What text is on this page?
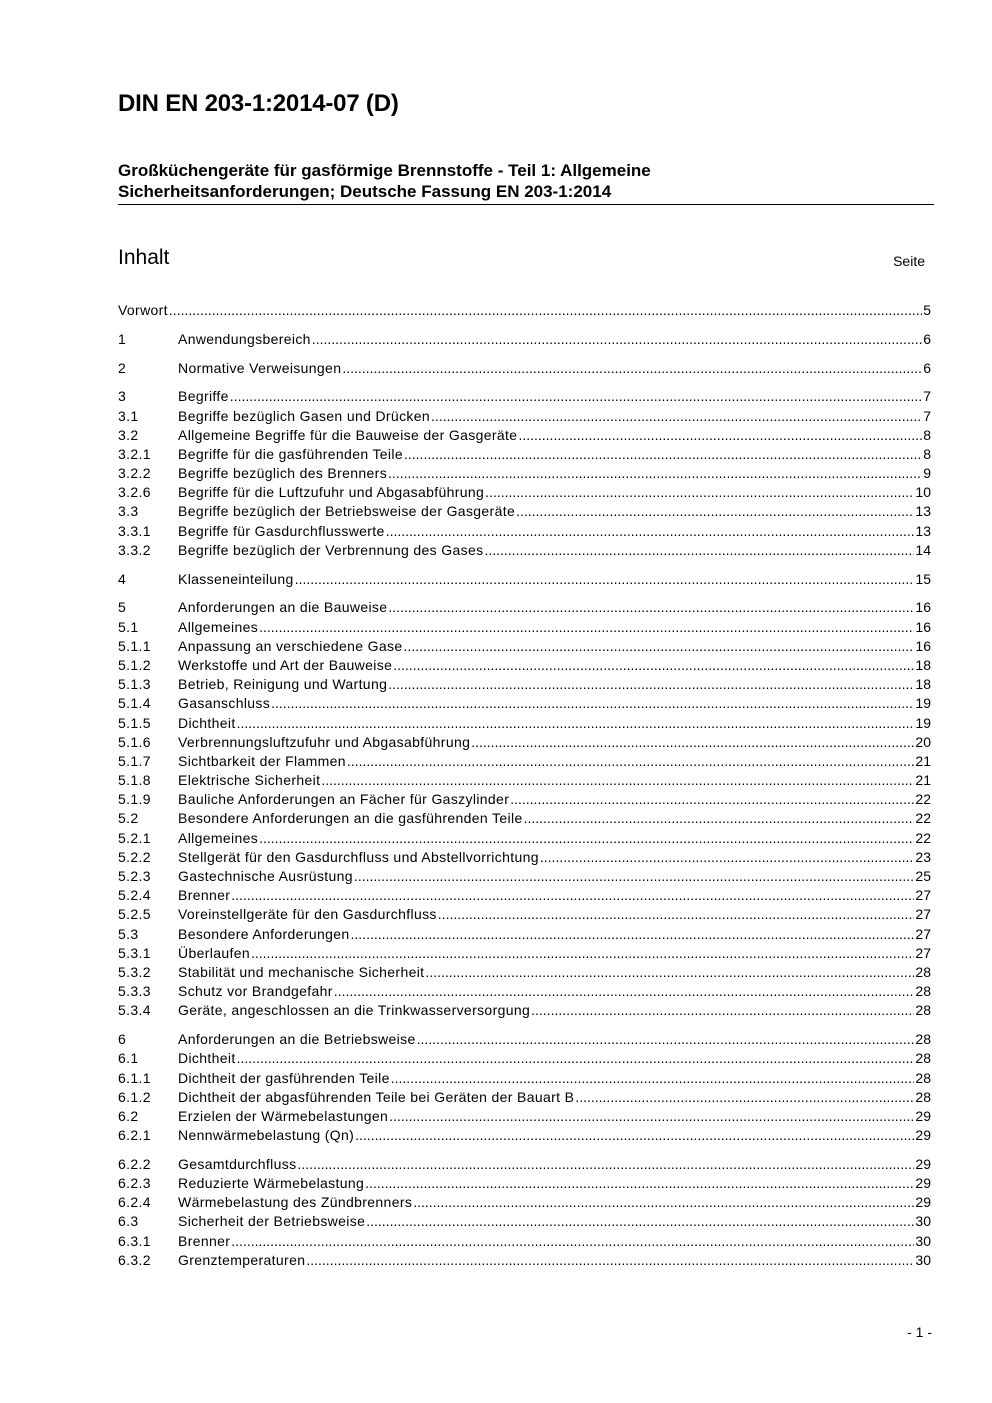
DIN EN 203-1:2014-07 (D)
Großküchengeräte für gasförmige Brennstoffe - Teil 1: Allgemeine
Sicherheitsanforderungen; Deutsche Fassung EN 203-1:2014
Inhalt	Seite
Vorwort .....	5
1	Anwendungsbereich .....	6
2	Normative Verweisungen .....	6
3	Begriffe .....	7
3.1	Begriffe bezüglich Gasen und Drücken .....	7
3.2	Allgemeine Begriffe für die Bauweise der Gasgeräte .....	8
3.2.1	Begriffe für die gasführenden Teile .....	8
3.2.2	Begriffe bezüglich des Brenners .....	9
3.2.6	Begriffe für die Luftzufuhr und Abgasabführung .....	10
3.3	Begriffe bezüglich der Betriebsweise der Gasgeräte .....	13
3.3.1	Begriffe für Gasdurchflusswerte .....	13
3.3.2	Begriffe bezüglich der Verbrennung des Gases .....	14
4	Klasseneinteilung .....	15
5	Anforderungen an die Bauweise .....	16
5.1	Allgemeines .....	16
5.1.1	Anpassung an verschiedene Gase .....	16
5.1.2	Werkstoffe und Art der Bauweise .....	18
5.1.3	Betrieb, Reinigung und Wartung .....	18
5.1.4	Gasanschluss .....	19
5.1.5	Dichtheit .....	19
5.1.6	Verbrennungsluftzufuhr und Abgasabführung .....	20
5.1.7	Sichtbarkeit der Flammen .....	21
5.1.8	Elektrische Sicherheit .....	21
5.1.9	Bauliche Anforderungen an Fächer für Gaszylinder .....	22
5.2	Besondere Anforderungen an die gasführenden Teile .....	22
5.2.1	Allgemeines .....	22
5.2.2	Stellgerät für den Gasdurchfluss und Abstellvorrichtung .....	23
5.2.3	Gastechnische Ausrüstung .....	25
5.2.4	Brenner .....	27
5.2.5	Voreinstellgeräte für den Gasdurchfluss .....	27
5.3	Besondere Anforderungen .....	27
5.3.1	Überlaufen .....	27
5.3.2	Stabilität und mechanische Sicherheit .....	28
5.3.3	Schutz vor Brandgefahr .....	28
5.3.4	Geräte, angeschlossen an die Trinkwasserversorgung .....	28
6	Anforderungen an die Betriebsweise .....	28
6.1	Dichtheit .....	28
6.1.1	Dichtheit der gasführenden Teile .....	28
6.1.2	Dichtheit der abgasführenden Teile bei Geräten der Bauart B .....	28
6.2	Erzielen der Wärmebelastungen .....	29
6.2.1	Nennwärmebelastung (Qn) .....	29
6.2.2	Gesamtdurchfluss .....	29
6.2.3	Reduzierte Wärmebelastung .....	29
6.2.4	Wärmebelastung des Zündbrenners .....	29
6.3	Sicherheit der Betriebsweise .....	30
6.3.1	Brenner .....	30
6.3.2	Grenztemperaturen .....	30
- 1 -
